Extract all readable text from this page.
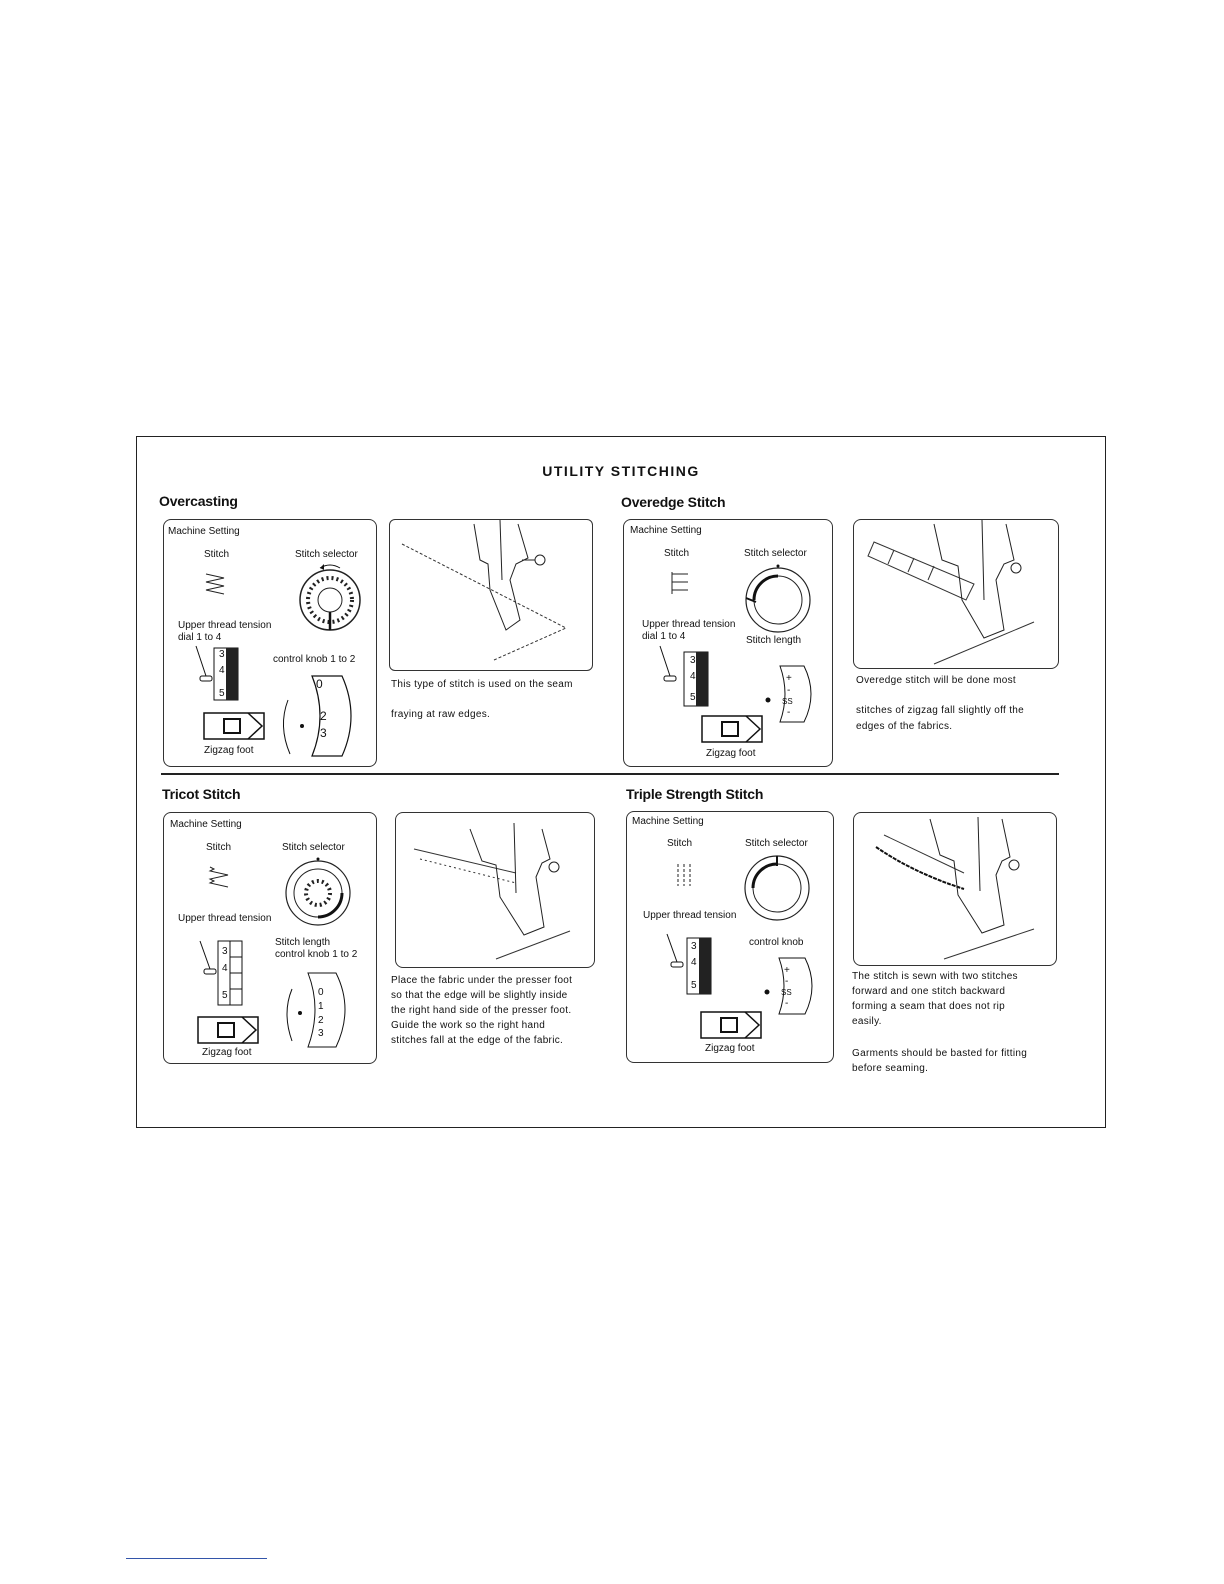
UTILITY STITCHING
Overcasting
Machine Setting
Stitch	Stitch selector
Upper thread tension
dial 1 to 4
3
4
5
control knob 1 to 2
0
2
3
Zigzag foot
This type of stitch is used on the seam
fraying at raw edges.
Overedge Stitch
Machine Setting
Stitch	Stitch selector
Upper thread tension
dial 1 to 4	Stitch length
3
4
5
+
-
SS
-
Zigzag foot
Overedge stitch will be done most
stitches of zigzag fall slightly off the
edges of the fabrics.
Tricot Stitch
Machine Setting
Stitch	Stitch selector
Upper thread tension
Stitch length
control knob 1 to 2
3
4
5	0
1
2
3
Zigzag foot
Place the fabric under the presser foot
so that the edge will be slightly inside
the right hand side of the presser foot.
Guide the work so the right hand
stitches fall at the edge of the fabric.
Triple Strength Stitch
Machine Setting
Stitch	Stitch selector
Upper thread tension
control knob
3
4
5
+
-
SS
-
Zigzag foot
The stitch is sewn with two stitches
forward and one stitch backward
forming a seam that does not rip
easily.
Garments should be basted for fitting
before seaming.
